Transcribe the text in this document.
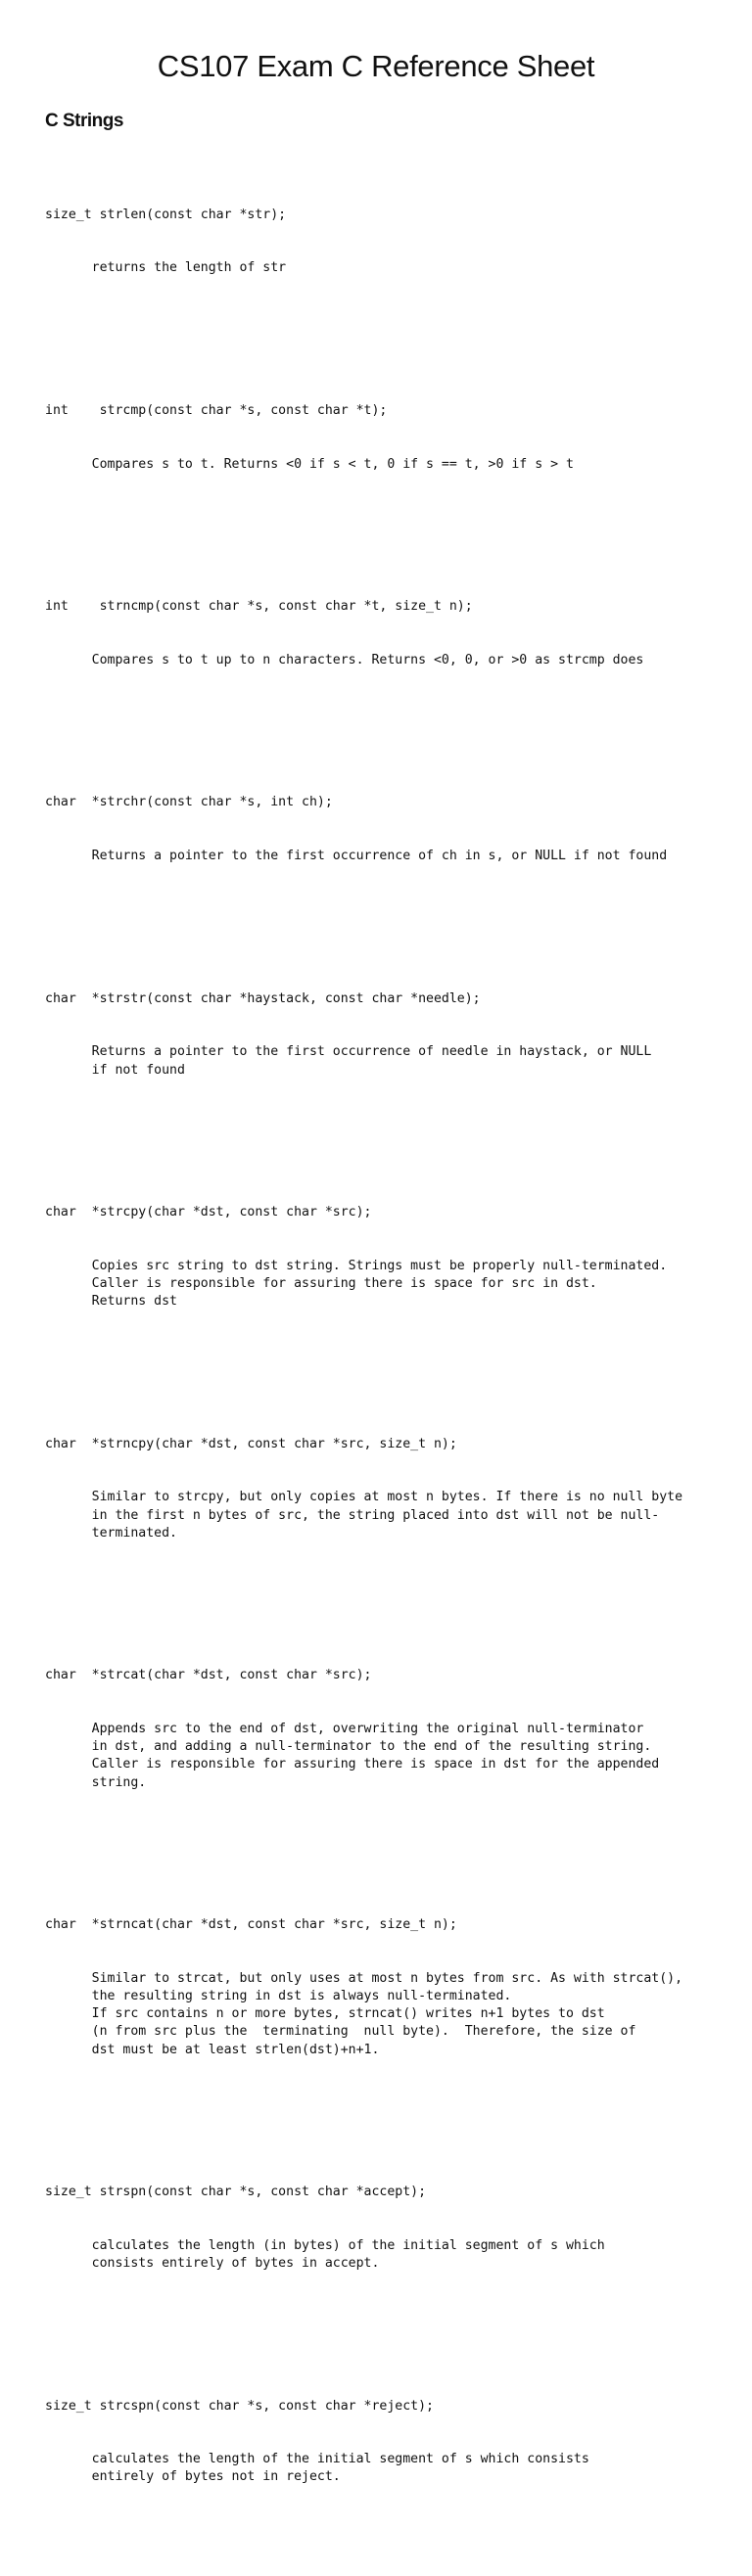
CS107 Exam C Reference Sheet
C Strings

size_t strlen(const char *str);

returns the length of str

int    strcmp(const char *s, const char *t);

Compares s to t. Returns <0 if s < t, 0 if s == t, >0 if s > t

int    strncmp(const char *s, const char *t, size_t n);

Compares s to t up to n characters. Returns <0, 0, or >0 as strcmp does

char  *strchr(const char *s, int ch);

Returns a pointer to the first occurrence of ch in s, or NULL if not found

char  *strstr(const char *haystack, const char *needle);

Returns a pointer to the first occurrence of needle in haystack, or NULL
if not found

char  *strcpy(char *dst, const char *src);

Copies src string to dst string. Strings must be properly null-terminated.
Caller is responsible for assuring there is space for src in dst.
Returns dst

char  *strncpy(char *dst, const char *src, size_t n);

Similar to strcpy, but only copies at most n bytes. If there is no null byte
in the first n bytes of src, the string placed into dst will not be null-
terminated.

char  *strcat(char *dst, const char *src);

Appends src to the end of dst, overwriting the original null-terminator
in dst, and adding a null-terminator to the end of the resulting string.
Caller is responsible for assuring there is space in dst for the appended
string.

char  *strncat(char *dst, const char *src, size_t n);

Similar to strcat, but only uses at most n bytes from src. As with strcat(),
the resulting string in dst is always null-terminated.
If src contains n or more bytes, strncat() writes n+1 bytes to dst
(n from src plus the  terminating  null byte).  Therefore, the size of
dst must be at least strlen(dst)+n+1.

size_t strspn(const char *s, const char *accept);

calculates the length (in bytes) of the initial segment of s which
consists entirely of bytes in accept.

size_t strcspn(const char *s, const char *reject);

calculates the length of the initial segment of s which consists
entirely of bytes not in reject.
